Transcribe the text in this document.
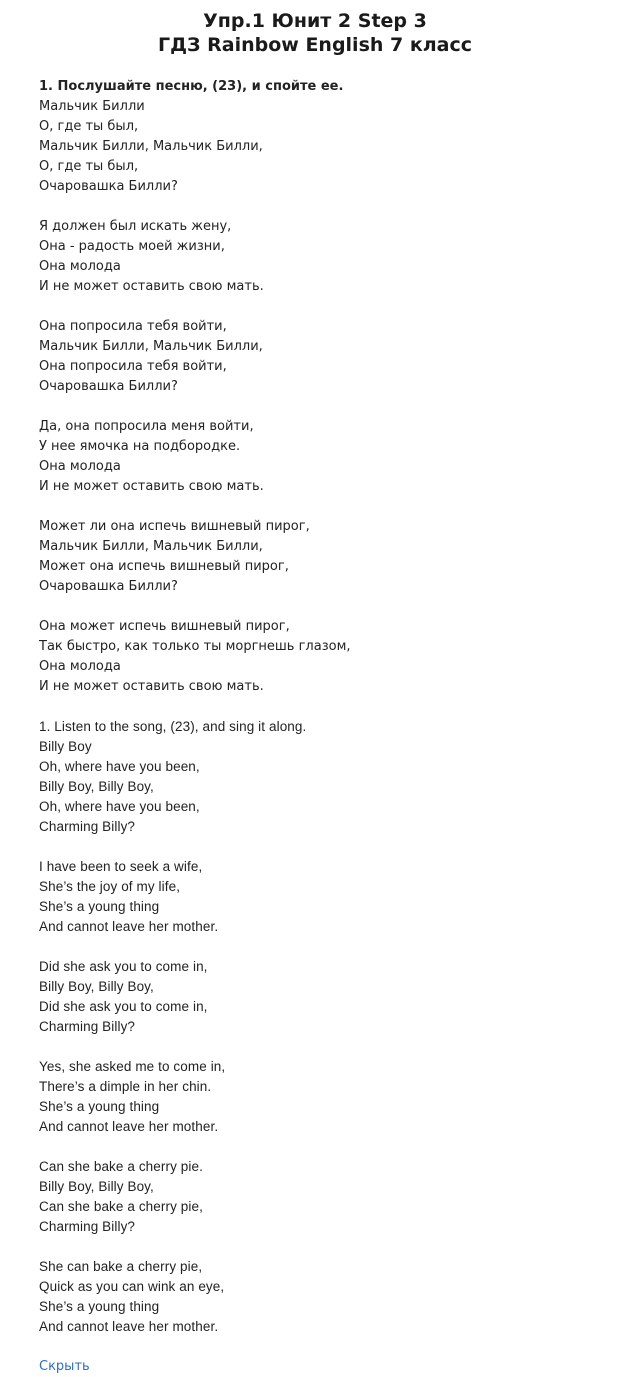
Упр.1 Юнит 2 Step 3

ГДЗ Rainbow English 7 класс

1. Послушайте песню, (23), и спойте ее.

Мальчик Билли
О, где ты был,
Мальчик Билли, Мальчик Билли,
О, где ты был,
Очаровашка Билли?
Я должен был искать жену,
Она - радость моей жизни,
Она молода
И не может оставить свою мать.
Она попросила тебя войти,
Мальчик Билли, Мальчик Билли,
Она попросила тебя войти,
Очаровашка Билли?
Да, она попросила меня войти,
У нее ямочка на подбородке.
Она молода
И не может оставить свою мать.
Может ли она испечь вишневый пирог,
Мальчик Билли, Мальчик Билли,
Может она испечь вишневый пирог,
Очаровашка Билли?
Она может испечь вишневый пирог,
Так быстро, как только ты моргнешь глазом,
Она молода
И не может оставить свою мать.

1. Listen to the song, (23), and sing it along.

Billy Boy
Oh, where have you been,
Billy Boy, Billy Boy,
Oh, where have you been,
Charming Billy?
I have been to seek a wife,
She’s the joy of my life,
She’s a young thing
And cannot leave her mother.
Did she ask you to come in,
Billy Boy, Billy Boy,
Did she ask you to come in,
Charming Billy?
Yes, she asked me to come in,
There’s a dimple in her chin.
She’s a young thing
And cannot leave her mother.
Can she bake a cherry pie.
Billy Boy, Billy Boy,
Can she bake a cherry pie,
Charming Billy?
She can bake a cherry pie,
Quick as you can wink an eye,
She’s a young thing
And cannot leave her mother.
Скрыть
